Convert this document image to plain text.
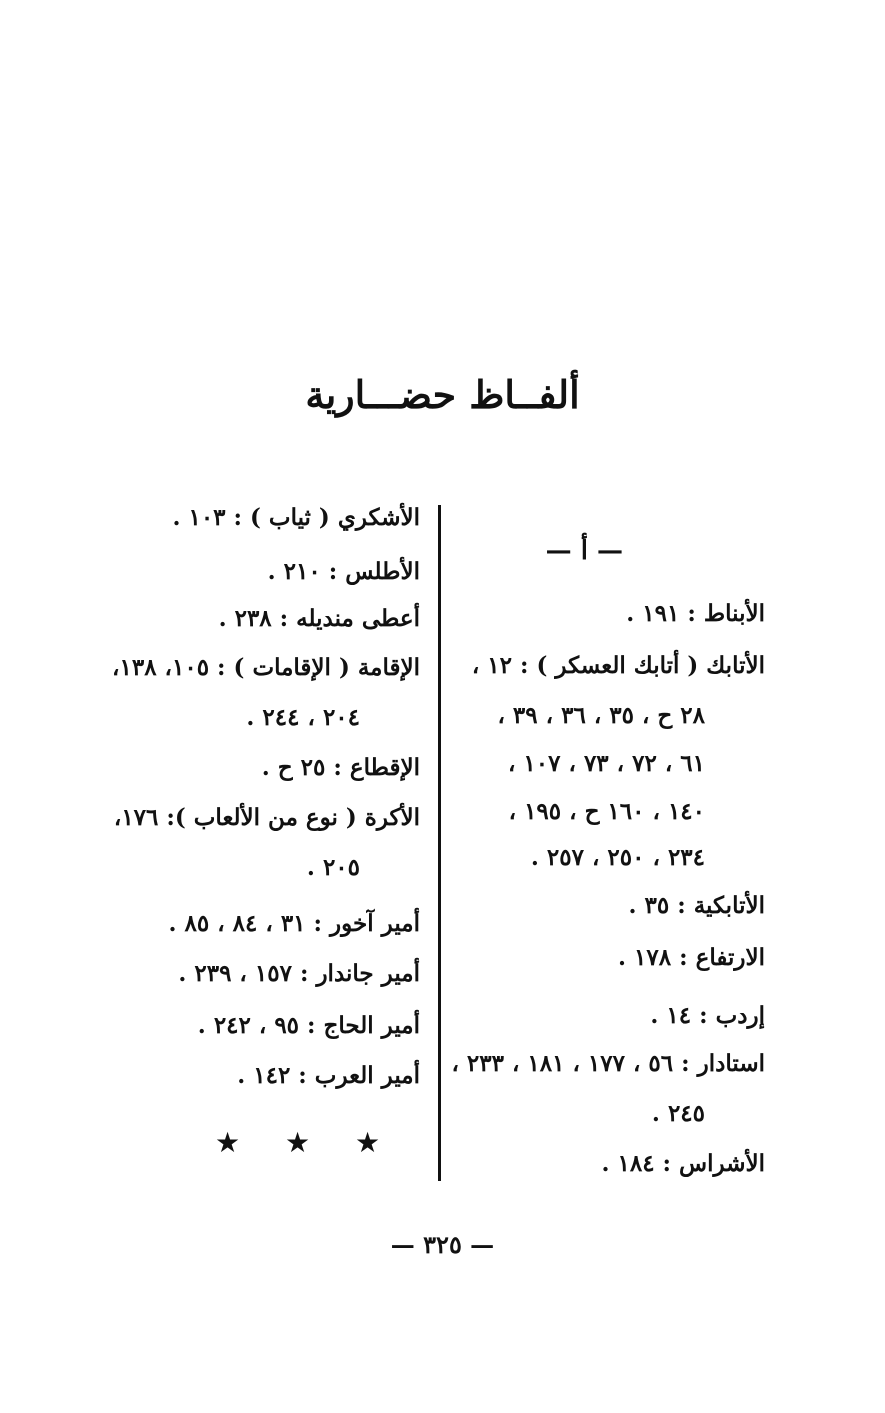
ألفــاظ حضـــارية
الأشكري ( ثياب ) : ١٠٣ .
الأطلس : ٢١٠ .
أعطى منديله : ٢٣٨ .
الإقامة ( الإقامات ) : ١٠٥، ١٣٨،
٢٠٤ ، ٢٤٤ .
الإقطاع : ٢٥ ح .
الأكرة ( نوع من الألعاب ): ١٧٦،
٢٠٥ .
أمير آخور : ٣١ ، ٨٤ ، ٨٥ .
أمير جاندار : ١٥٧ ، ٢٣٩ .
أمير الحاج : ٩٥ ، ٢٤٢ .
أمير العرب : ١٤٢ .
— أ —
الأبناط : ١٩١ .
الأتابك ( أتابك العسكر ) : ١٢ ،
٢٨ ح ، ٣٥ ، ٣٦ ، ٣٩ ،
٦١ ، ٧٢ ، ٧٣ ، ١٠٧ ،
١٤٠ ، ١٦٠ ح ، ١٩٥ ،
٢٣٤ ، ٢٥٠ ، ٢٥٧ .
الأتابكية : ٣٥ .
الارتفاع : ١٧٨ .
إردب : ١٤ .
استادار : ٥٦ ، ١٧٧ ، ١٨١ ، ٢٣٣ ،
٢٤٥ .
الأشراس : ١٨٤ .
★ ★ ★
— ٣٢٥ —
